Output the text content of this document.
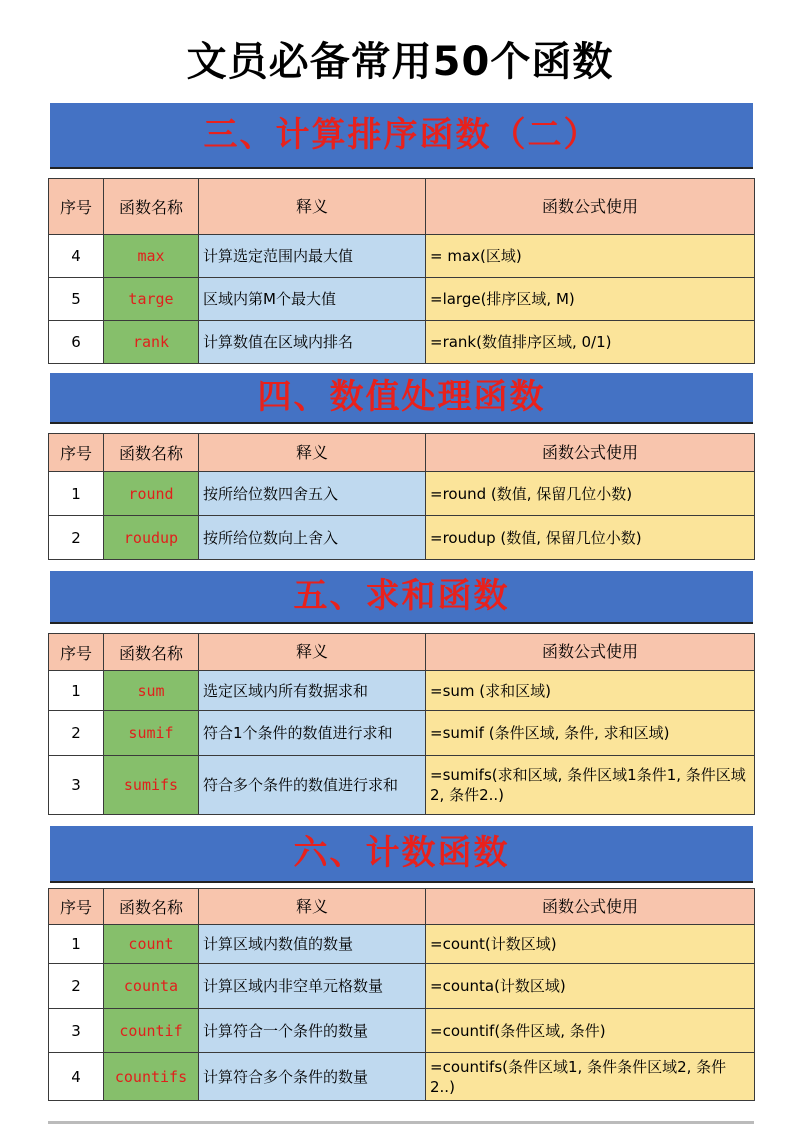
文员必备常用50个函数
三、计算排序函数（二）
序号	函数名称	释义	函数公式使用
4	max	计算选定范围内最大值	= max(区域)
5	targe	区域内第M个最大值	=large(排序区域, M)
6	rank	计算数值在区域内排名	=rank(数值排序区域, 0/1)
四、数值处理函数
序号	函数名称	释义	函数公式使用
1	round	按所给位数四舍五入	=round (数值, 保留几位小数)
2	roudup	按所给位数向上舍入	=roudup (数值, 保留几位小数)
五、求和函数
序号	函数名称	释义	函数公式使用
1	sum	选定区域内所有数据求和	=sum (求和区域)
2	sumif	符合1个条件的数值进行求和	=sumif (条件区域, 条件, 求和区域)
3	sumifs	符合多个条件的数值进行求和	=sumifs(求和区域, 条件区域1条件1, 条件区域2, 条件2..)
六、计数函数
序号	函数名称	释义	函数公式使用
1	count	计算区域内数值的数量	=count(计数区域)
2	counta	计算区域内非空单元格数量	=counta(计数区域)
3	countif	计算符合一个条件的数量	=countif(条件区域, 条件)
4	countifs	计算符合多个条件的数量	=countifs(条件区域1, 条件条件区域2, 条件2..)
